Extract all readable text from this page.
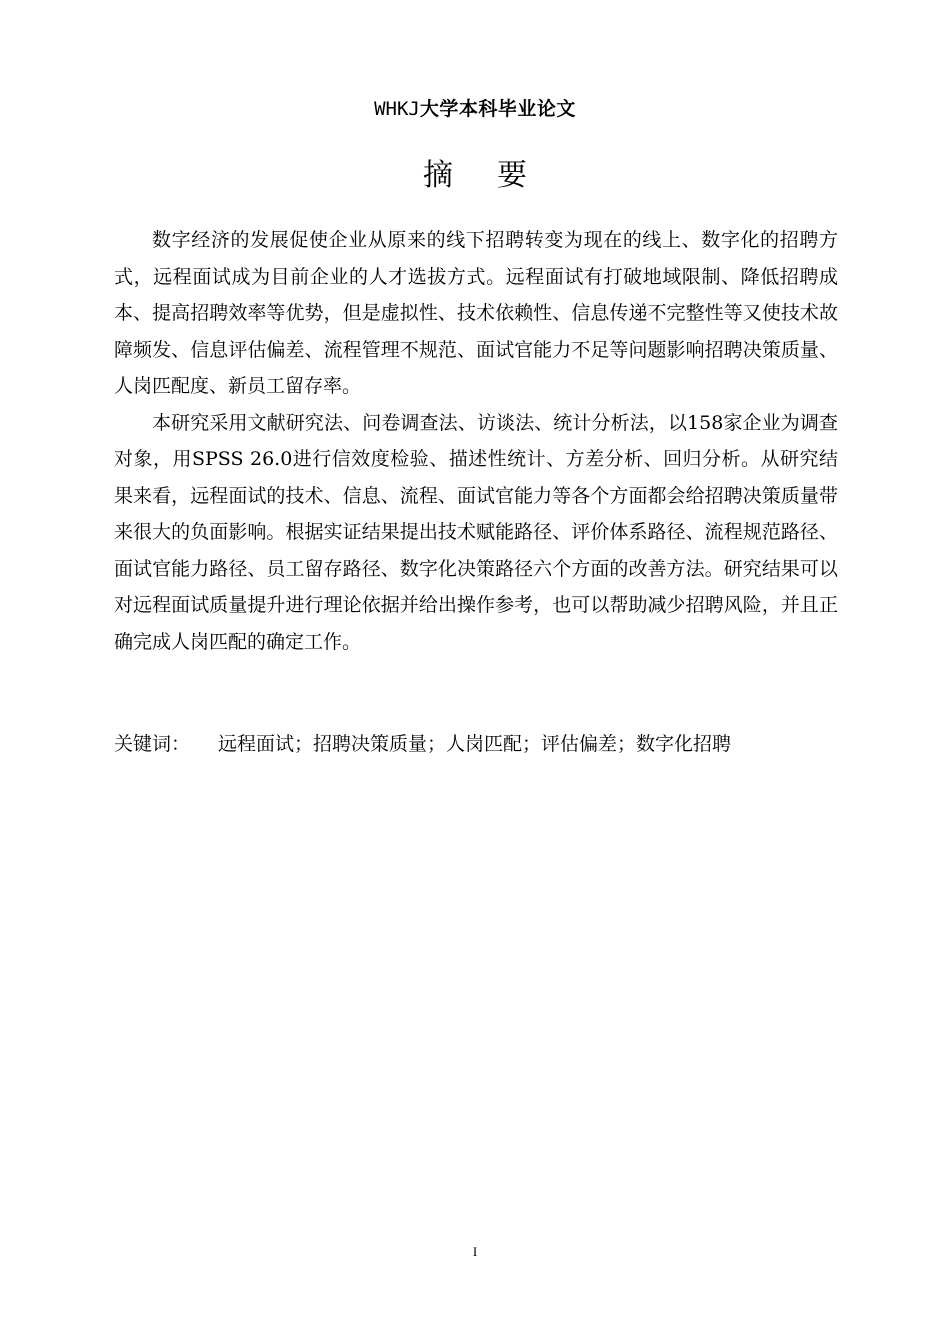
WHKJ大学本科毕业论文
摘 要

数字经济的发展促使企业从原来的线下招聘转变为现在的线上、数字化的招聘方式，远程面试成为目前企业的人才选拔方式。远程面试有打破地域限制、降低招聘成本、提高招聘效率等优势，但是虚拟性、技术依赖性、信息传递不完整性等又使技术故障频发、信息评估偏差、流程管理不规范、面试官能力不足等问题影响招聘决策质量、人岗匹配度、新员工留存率。

本研究采用文献研究法、问卷调查法、访谈法、统计分析法，以158家企业为调查对象，用SPSS 26.0进行信效度检验、描述性统计、方差分析、回归分析。从研究结果来看，远程面试的技术、信息、流程、面试官能力等各个方面都会给招聘决策质量带来很大的负面影响。根据实证结果提出技术赋能路径、评价体系路径、流程规范路径、面试官能力路径、员工留存路径、数字化决策路径六个方面的改善方法。研究结果可以对远程面试质量提升进行理论依据并给出操作参考，也可以帮助减少招聘风险，并且正确完成人岗匹配的确定工作。

关键词： 远程面试；招聘决策质量；人岗匹配；评估偏差；数字化招聘
I
